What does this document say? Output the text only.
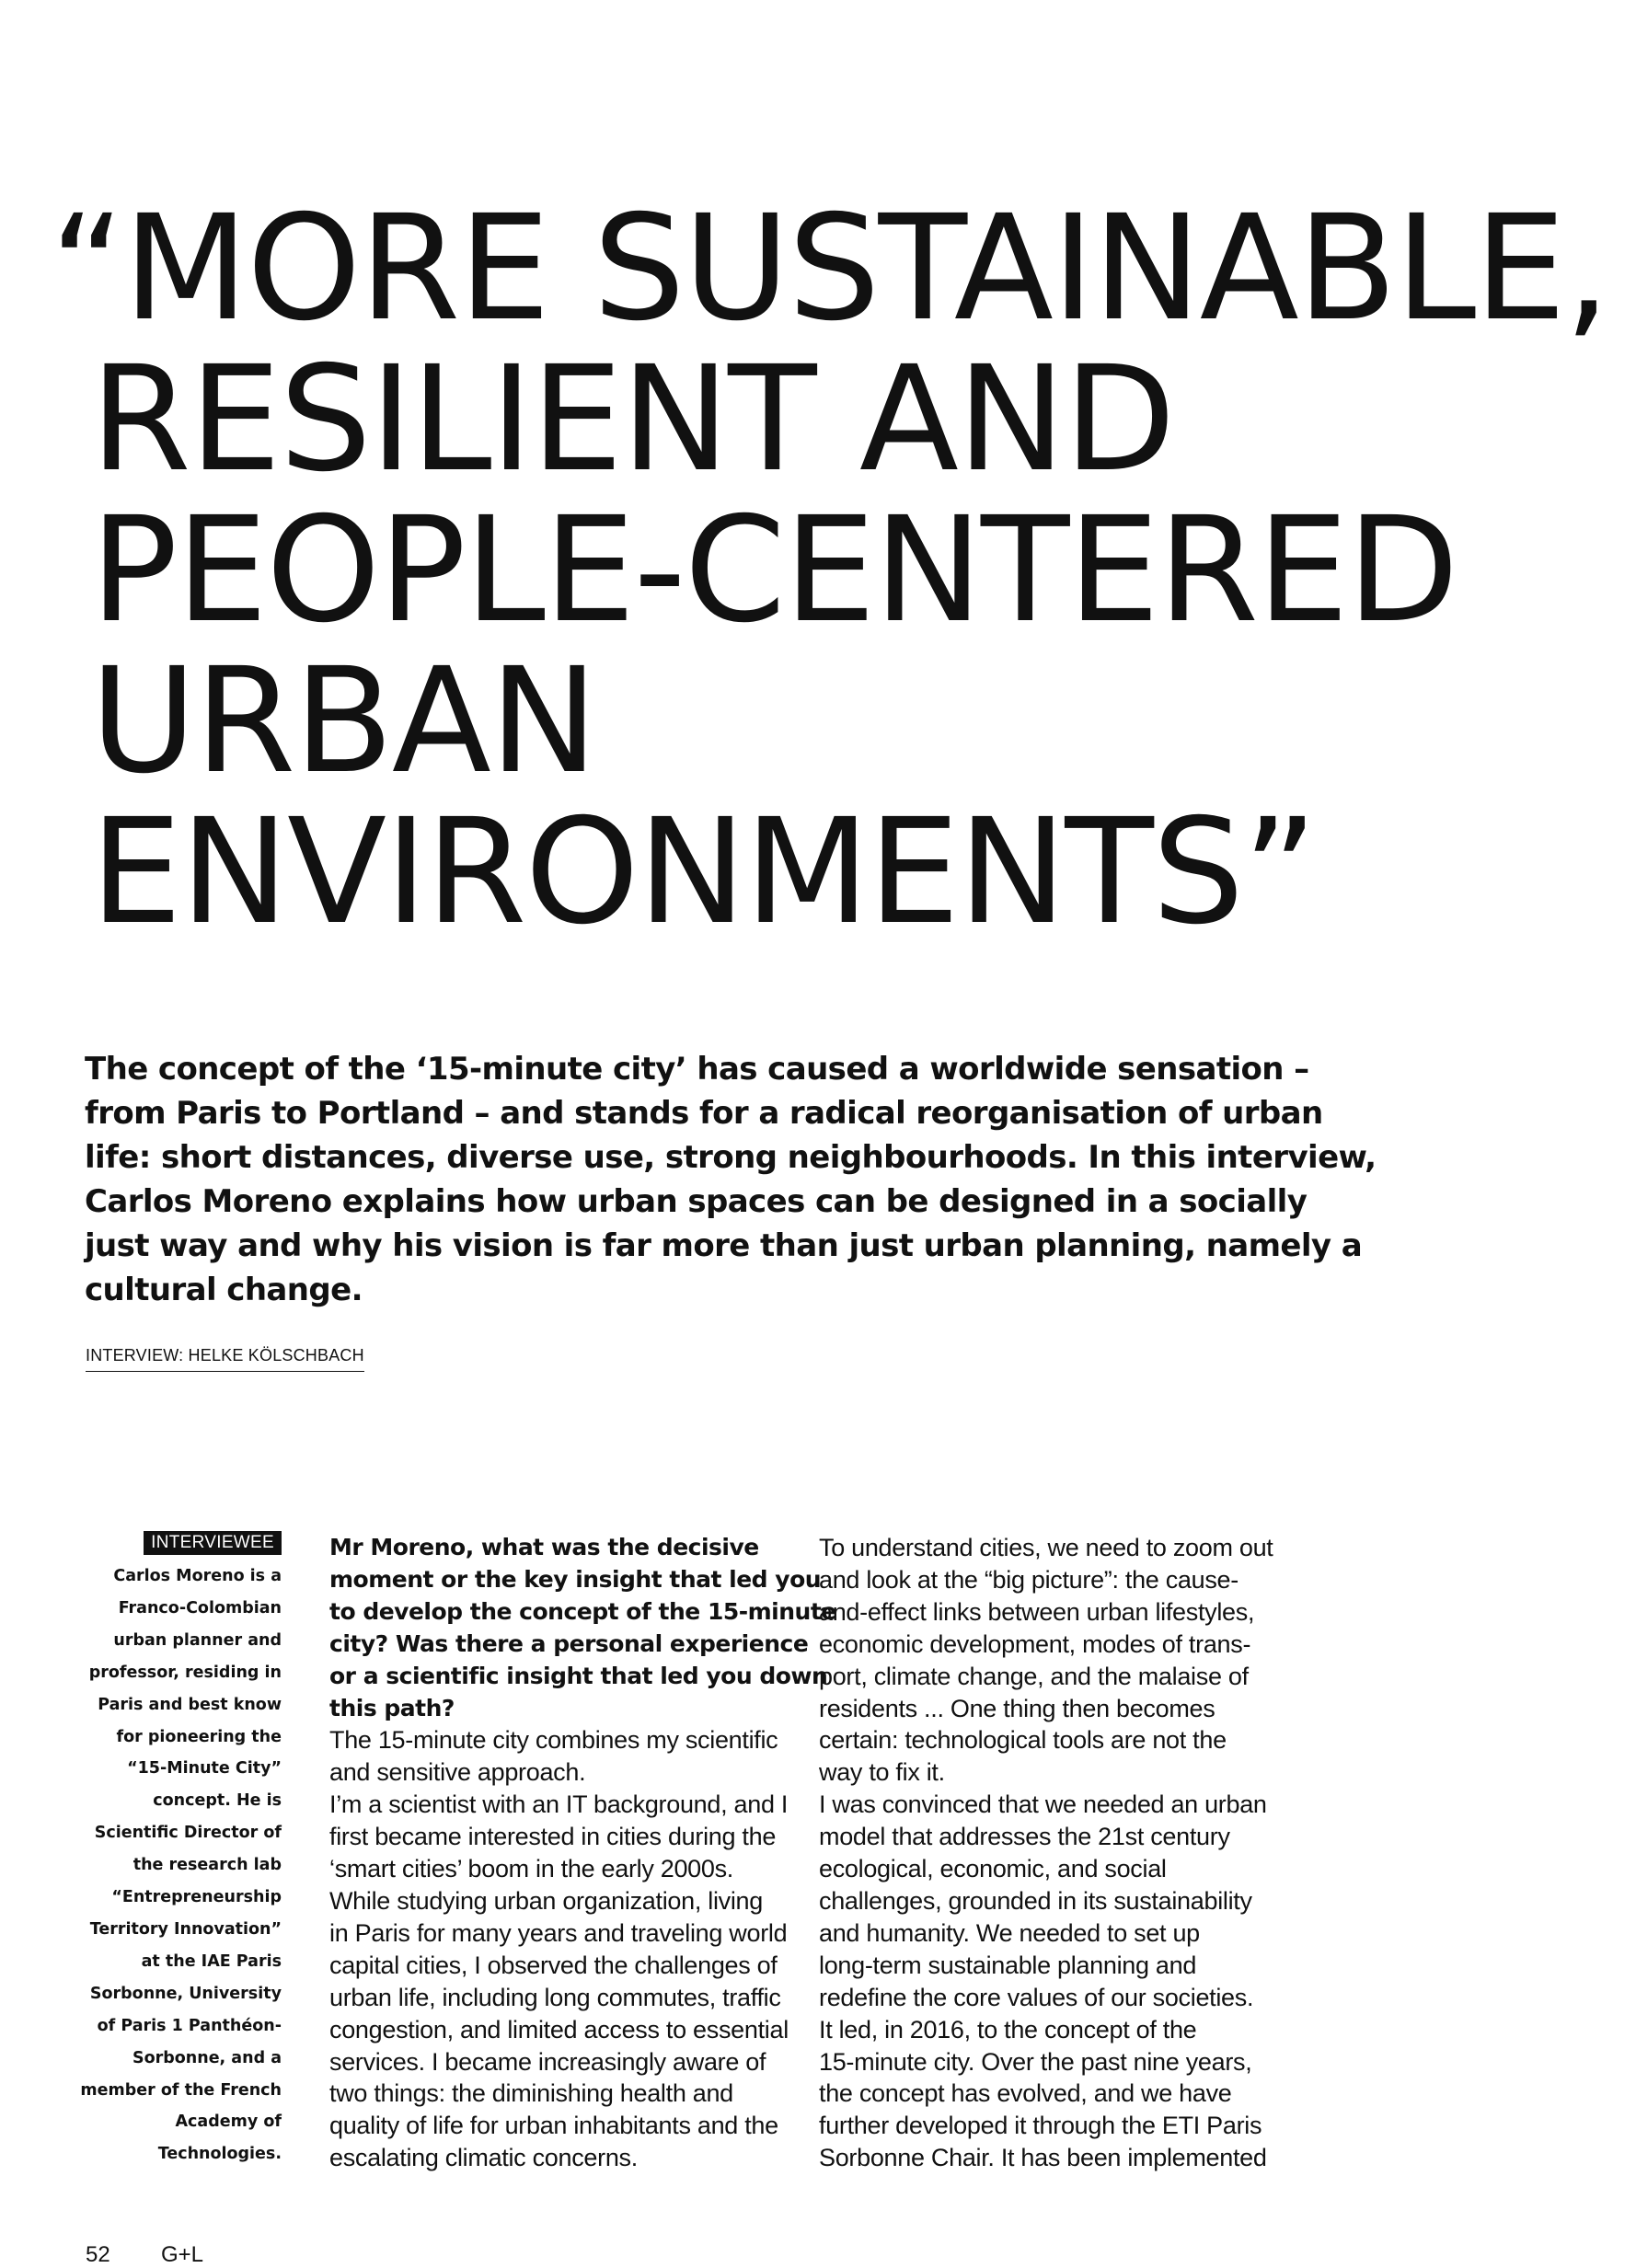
“MORE SUSTAINABLE,
RESILIENT AND
PEOPLE-CENTERED
URBAN
ENVIRONMENTS”

The concept of the ‘15-minute city’ has caused a worldwide sensation –
from Paris to Portland – and stands for a radical reorganisation of urban
life: short distances, diverse use, strong neighbourhoods. In this interview,
Carlos Moreno explains how urban spaces can be designed in a socially
just way and why his vision is far more than just urban planning, namely a
cultural change.

INTERVIEW: HELKE KÖLSCHBACH
INTERVIEWEE

Carlos Moreno is a
Franco-Colombian
urban planner and
professor, residing in
Paris and best know
for pioneering the
“15-Minute City”
concept. He is
Scientific Director of
the research lab
“Entrepreneurship
Territory Innovation”
at the IAE Paris
Sorbonne, University
of Paris 1 Panthéon-
Sorbonne, and a
member of the French
Academy of
Technologies.

Mr Moreno, what was the decisive
moment or the key insight that led you
to develop the concept of the 15-minute
city? Was there a personal experience
or a scientific insight that led you down
this path?
The 15-minute city combines my scientific
and sensitive approach.
I’m a scientist with an IT background, and I
first became interested in cities during the
‘smart cities’ boom in the early 2000s.
While studying urban organization, living
in Paris for many years and traveling world
capital cities, I observed the challenges of
urban life, including long commutes, traffic
congestion, and limited access to essential
services. I became increasingly aware of
two things: the diminishing health and
quality of life for urban inhabitants and the
escalating climatic concerns.
To understand cities, we need to zoom out
and look at the “big picture”: the cause-
and-effect links between urban lifestyles,
economic development, modes of trans-
port, climate change, and the malaise of
residents ... One thing then becomes
certain: technological tools are not the
way to fix it.
I was convinced that we needed an urban
model that addresses the 21st century
ecological, economic, and social
challenges, grounded in its sustainability
and humanity. We needed to set up
long-term sustainable planning and
redefine the core values of our societies.
It led, in 2016, to the concept of the
15-minute city. Over the past nine years,
the concept has evolved, and we have
further developed it through the ETI Paris
Sorbonne Chair. It has been implemented
52 G+L
